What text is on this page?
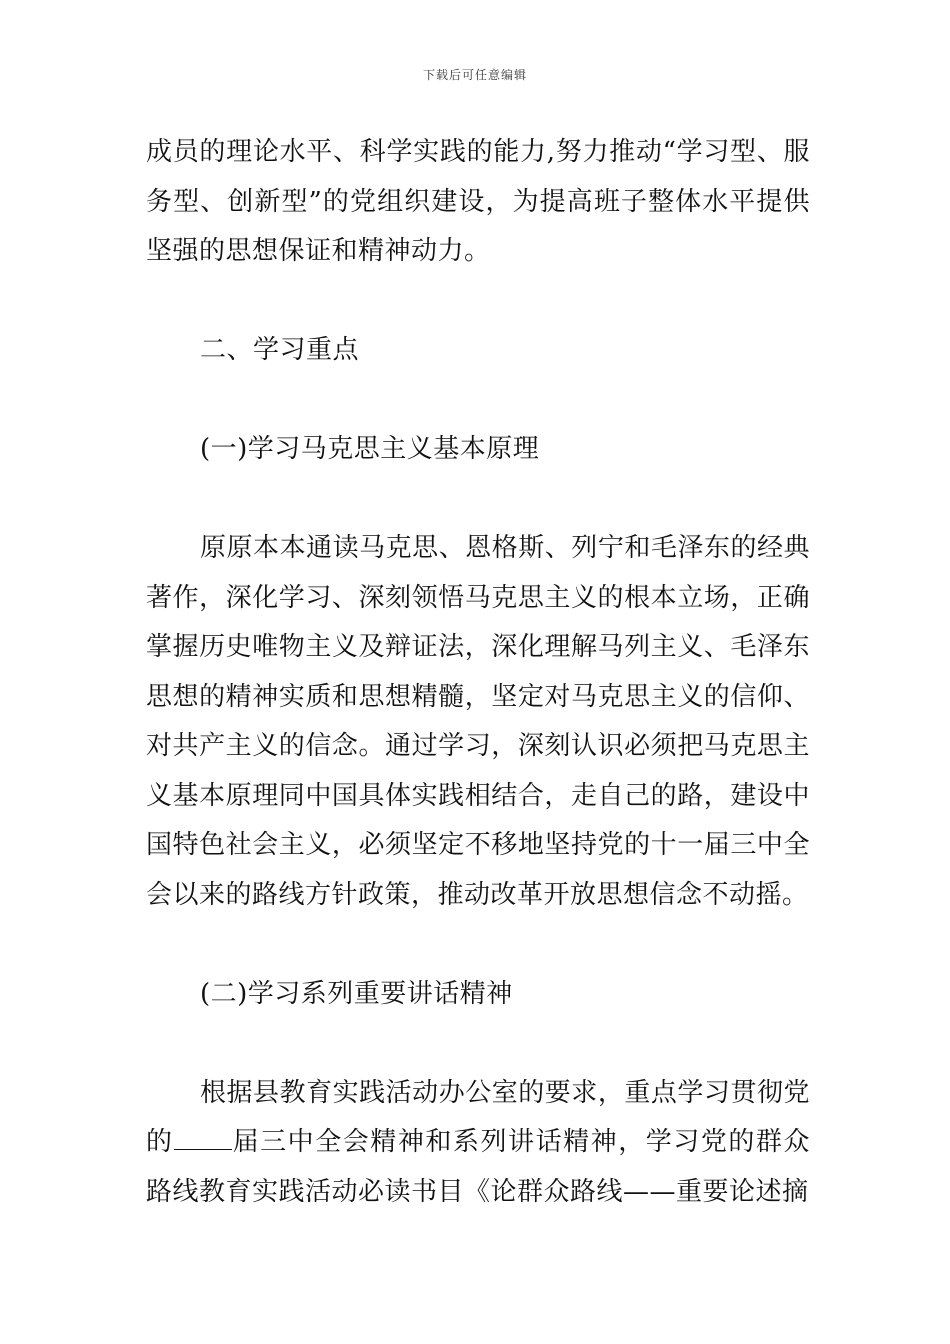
下载后可任意编辑

成员的理论水平、科学实践的能力,努力推动“学习型、服务型、创新型”的党组织建设，为提高班子整体水平提供坚强的思想保证和精神动力。

二、学习重点

(一)学习马克思主义基本原理

原原本本通读马克思、恩格斯、列宁和毛泽东的经典著作，深化学习、深刻领悟马克思主义的根本立场，正确掌握历史唯物主义及辩证法，深化理解马列主义、毛泽东思想的精神实质和思想精髓，坚定对马克思主义的信仰、对共产主义的信念。通过学习，深刻认识必须把马克思主义基本原理同中国具体实践相结合，走自己的路，建设中国特色社会主义，必须坚定不移地坚持党的十一届三中全会以来的路线方针政策，推动改革开放思想信念不动摇。

(二)学习系列重要讲话精神

根据县教育实践活动办公室的要求，重点学习贯彻党的 届三中全会精神和系列讲话精神，学习党的群众路线教育实践活动必读书目《论群众路线——重要论述摘
